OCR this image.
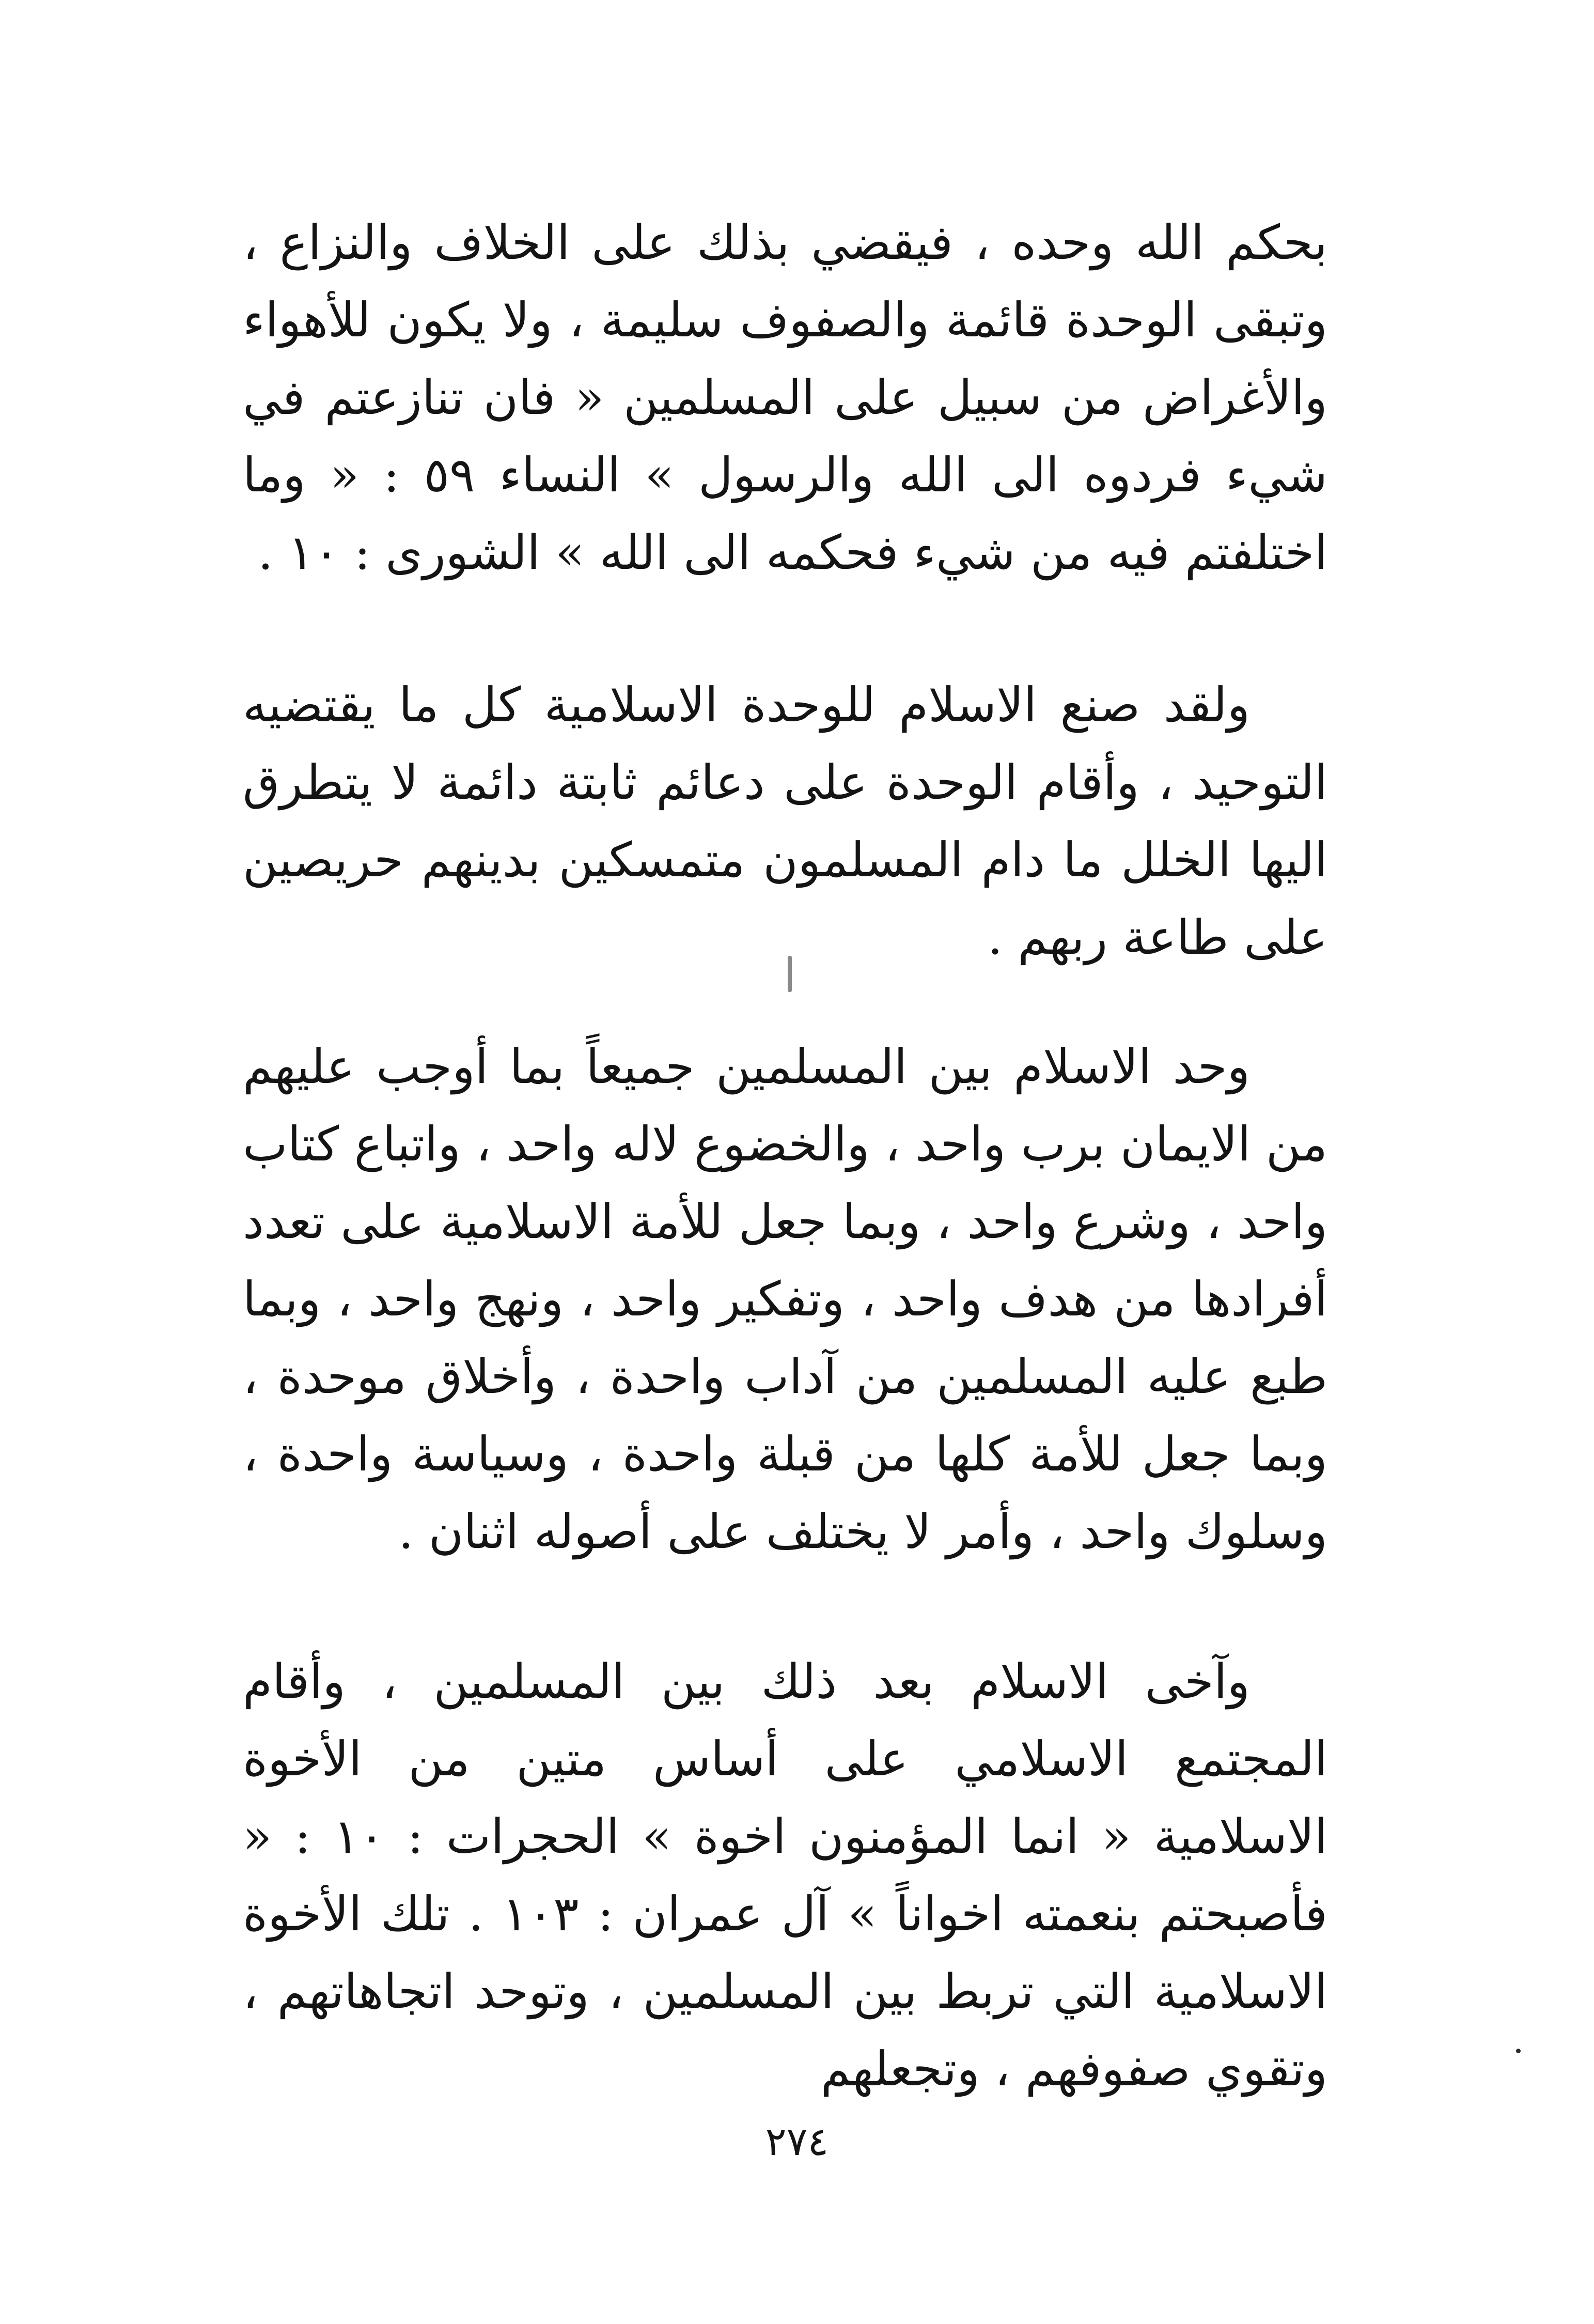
بحكم الله وحده ، فيقضي بذلك على الخلاف والنزاع ، وتبقى الوحدة قائمة والصفوف سليمة ، ولا يكون للأهواء والأغراض من سبيل على المسلمين « فان تنازعتم في شيء فردوه الى الله والرسول » النساء ٥٩ : « وما اختلفتم فيه من شيء فحكمه الى الله » الشورى : ١٠ .

ولقد صنع الاسلام للوحدة الاسلامية كل ما يقتضيه التوحيد ، وأقام الوحدة على دعائم ثابتة دائمة لا يتطرق اليها الخلل ما دام المسلمون متمسكين بدينهم حريصين على طاعة ربهم .

وحد الاسلام بين المسلمين جميعاً بما أوجب عليهم من الايمان برب واحد ، والخضوع لاله واحد ، واتباع كتاب واحد ، وشرع واحد ، وبما جعل للأمة الاسلامية على تعدد أفرادها من هدف واحد ، وتفكير واحد ، ونهج واحد ، وبما طبع عليه المسلمين من آداب واحدة ، وأخلاق موحدة ، وبما جعل للأمة كلها من قبلة واحدة ، وسياسة واحدة ، وسلوك واحد ، وأمر لا يختلف على أصوله اثنان .

وآخى الاسلام بعد ذلك بين المسلمين ، وأقام المجتمع الاسلامي على أساس متين من الأخوة الاسلامية « انما المؤمنون اخوة » الحجرات : ١٠ : « فأصبحتم بنعمته اخواناً » آل عمران : ١٠٣ . تلك الأخوة الاسلامية التي تربط بين المسلمين ، وتوحد اتجاهاتهم ، وتقوي صفوفهم ، وتجعلهم

٢٧٤
